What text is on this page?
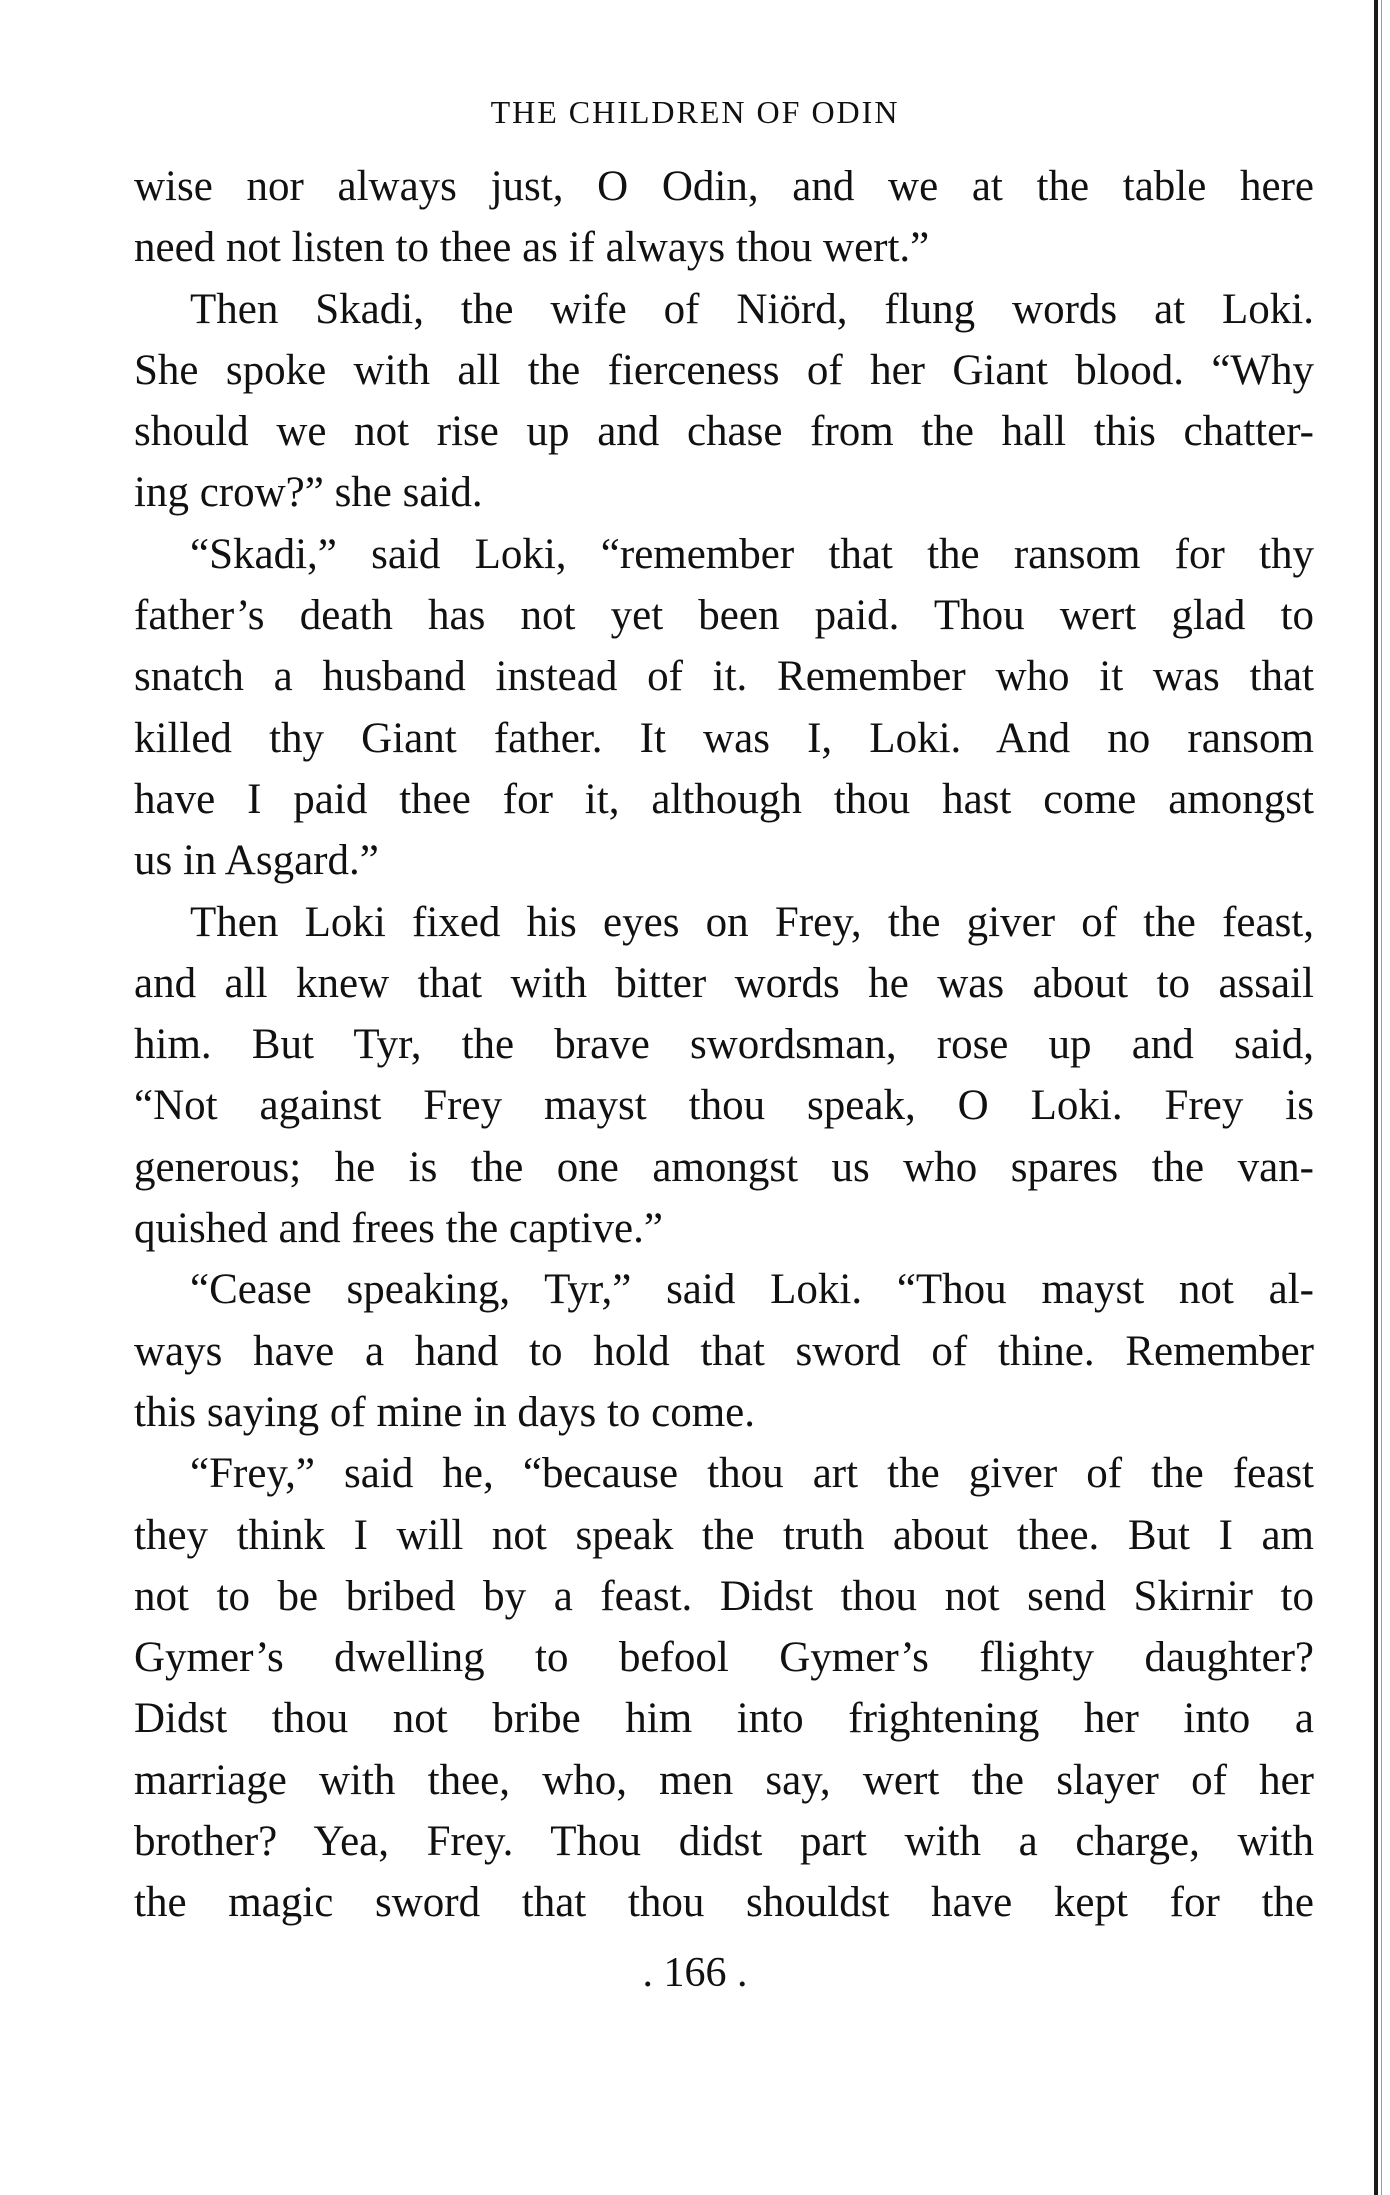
THE CHILDREN OF ODIN
wise nor always just, O Odin, and we at the table here
need not listen to thee as if always thou wert.”
Then Skadi, the wife of Niörd, flung words at Loki.
She spoke with all the fierceness of her Giant blood. “Why
should we not rise up and chase from the hall this chatter-
ing crow?” she said.
“Skadi,” said Loki, “remember that the ransom for thy
father’s death has not yet been paid. Thou wert glad to
snatch a husband instead of it. Remember who it was that
killed thy Giant father. It was I, Loki. And no ransom
have I paid thee for it, although thou hast come amongst
us in Asgard.”
Then Loki fixed his eyes on Frey, the giver of the feast,
and all knew that with bitter words he was about to assail
him. But Tyr, the brave swordsman, rose up and said,
“Not against Frey mayst thou speak, O Loki. Frey is
generous; he is the one amongst us who spares the van-
quished and frees the captive.”
“Cease speaking, Tyr,” said Loki. “Thou mayst not al-
ways have a hand to hold that sword of thine. Remember
this saying of mine in days to come.
“Frey,” said he, “because thou art the giver of the feast
they think I will not speak the truth about thee. But I am
not to be bribed by a feast. Didst thou not send Skirnir to
Gymer’s dwelling to befool Gymer’s flighty daughter?
Didst thou not bribe him into frightening her into a
marriage with thee, who, men say, wert the slayer of her
brother? Yea, Frey. Thou didst part with a charge, with
the magic sword that thou shouldst have kept for the
. 166 .
